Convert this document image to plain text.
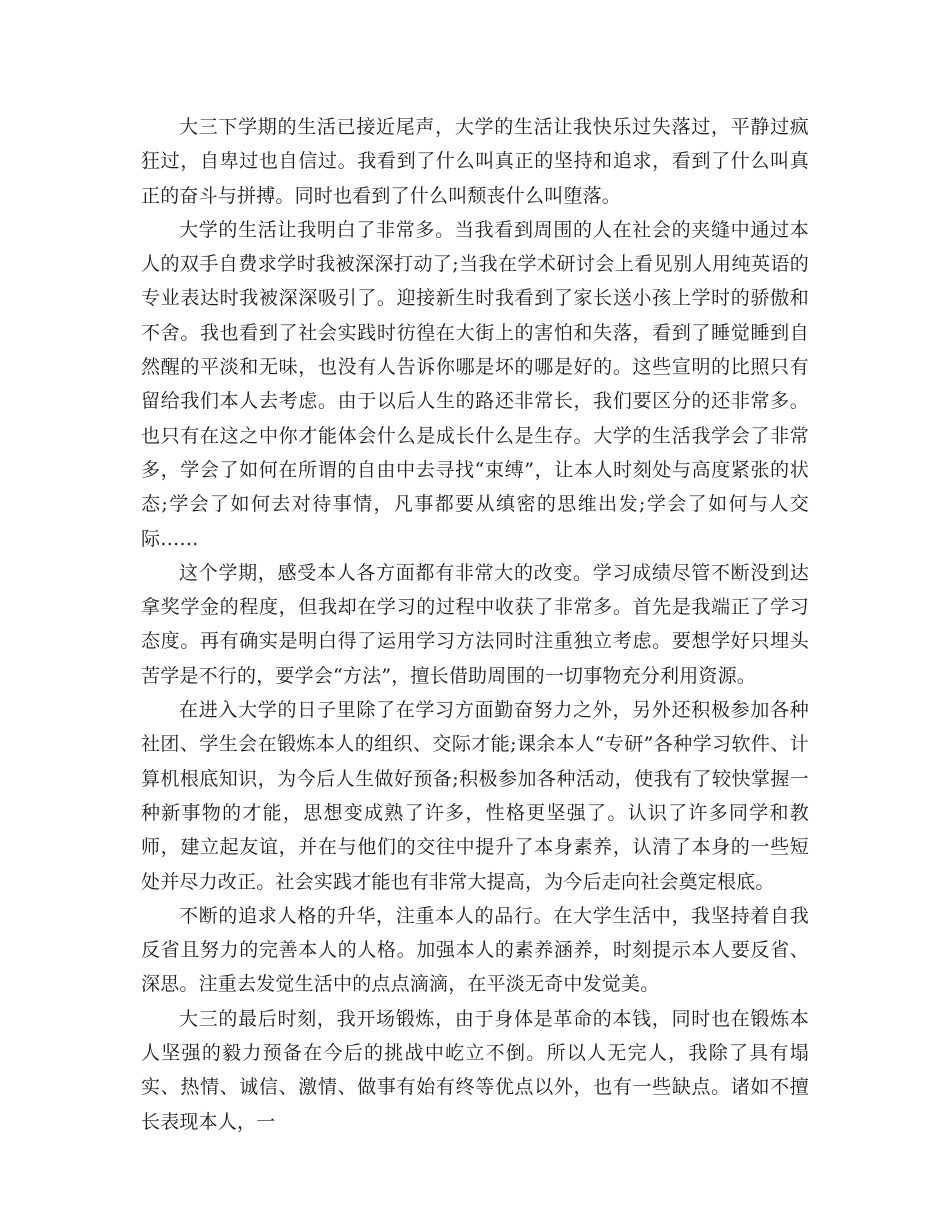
大三下学期的生活已接近尾声，大学的生活让我快乐过失落过，平静过疯狂过，自卑过也自信过。我看到了什么叫真正的坚持和追求，看到了什么叫真正的奋斗与拼搏。同时也看到了什么叫颓丧什么叫堕落。

大学的生活让我明白了非常多。当我看到周围的人在社会的夹缝中通过本人的双手自费求学时我被深深打动了;当我在学术研讨会上看见别人用纯英语的专业表达时我被深深吸引了。迎接新生时我看到了家长送小孩上学时的骄傲和不舍。我也看到了社会实践时彷徨在大街上的害怕和失落，看到了睡觉睡到自然醒的平淡和无味，也没有人告诉你哪是坏的哪是好的。这些宣明的比照只有留给我们本人去考虑。由于以后人生的路还非常长，我们要区分的还非常多。也只有在这之中你才能体会什么是成长什么是生存。大学的生活我学会了非常多，学会了如何在所谓的自由中去寻找“束缚”，让本人时刻处与高度紧张的状态;学会了如何去对待事情，凡事都要从缜密的思维出发;学会了如何与人交际……

这个学期，感受本人各方面都有非常大的改变。学习成绩尽管不断没到达拿奖学金的程度，但我却在学习的过程中收获了非常多。首先是我端正了学习态度。再有确实是明白得了运用学习方法同时注重独立考虑。要想学好只埋头苦学是不行的，要学会“方法”，擅长借助周围的一切事物充分利用资源。

在进入大学的日子里除了在学习方面勤奋努力之外，另外还积极参加各种社团、学生会在锻炼本人的组织、交际才能;课余本人“专研”各种学习软件、计算机根底知识，为今后人生做好预备;积极参加各种活动，使我有了较快掌握一种新事物的才能，思想变成熟了许多，性格更坚强了。认识了许多同学和教师，建立起友谊，并在与他们的交往中提升了本身素养，认清了本身的一些短处并尽力改正。社会实践才能也有非常大提高，为今后走向社会奠定根底。

不断的追求人格的升华，注重本人的品行。在大学生活中，我坚持着自我反省且努力的完善本人的人格。加强本人的素养涵养，时刻提示本人要反省、深思。注重去发觉生活中的点点滴滴，在平淡无奇中发觉美。

大三的最后时刻，我开场锻炼，由于身体是革命的本钱，同时也在锻炼本人坚强的毅力预备在今后的挑战中屹立不倒。所以人无完人，我除了具有塌实、热情、诚信、激情、做事有始有终等优点以外，也有一些缺点。诸如不擅长表现本人，一
